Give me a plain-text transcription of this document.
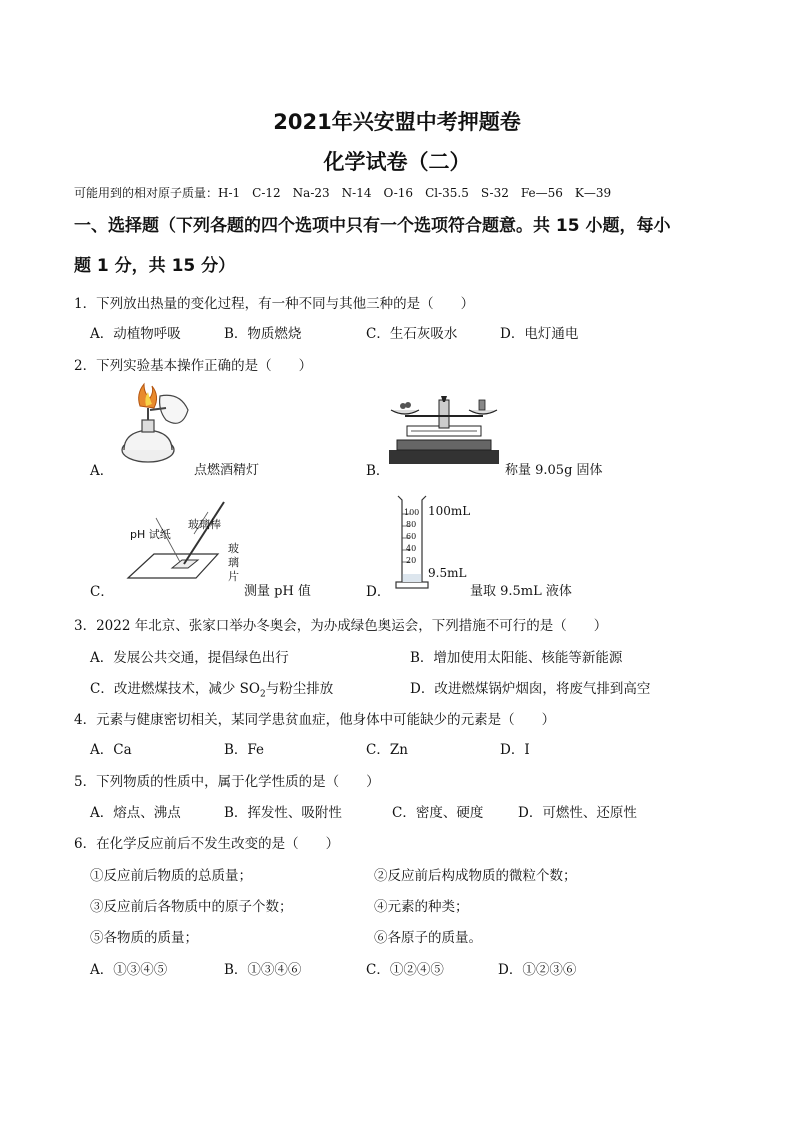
2021年兴安盟中考押题卷
化学试卷（二）
可能用到的相对原子质量：H-1　C-12　Na-23　N-14　O-16　Cl-35.5　S-32　Fe—56　K—39
一、选择题（下列各题的四个选项中只有一个选项符合题意。共 15 小题，每小
题 1 分，共 15 分）
1．下列放出热量的变化过程，有一种不同与其他三种的是（　　）
A．动植物呼吸	B．物质燃烧	C．生石灰吸水	D．电灯通电
2．下列实验基本操作正确的是（　　）
A．	点燃酒精灯	B．	称量 9.05g 固体
C．
pH 试纸
玻璃棒
玻璃片
测量 pH 值	D．
100
80
60
40
20
100mL
9.5mL
量取 9.5mL 液体
3．2022 年北京、张家口举办冬奥会，为办成绿色奥运会，下列措施不可行的是（　　）
A．发展公共交通，提倡绿色出行	B．增加使用太阳能、核能等新能源
C．改进燃煤技术，减少 $SO_2$与粉尘排放	D．改进燃煤锅炉烟囱，将废气排到高空
4．元素与健康密切相关，某同学患贫血症，他身体中可能缺少的元素是（　　）
A．Ca	B．Fe	C．Zn	D．I
5．下列物质的性质中，属于化学性质的是（　　）
A．熔点、沸点	B．挥发性、吸附性	C．密度、硬度	D．可燃性、还原性
6．在化学反应前后不发生改变的是（　　）
①反应前后物质的总质量；	②反应前后构成物质的微粒个数；
③反应前后各物质中的原子个数；	④元素的种类；
⑤各物质的质量；	⑥各原子的质量。
A．①③④⑤	B．①③④⑥	C．①②④⑤	D．①②③⑥
